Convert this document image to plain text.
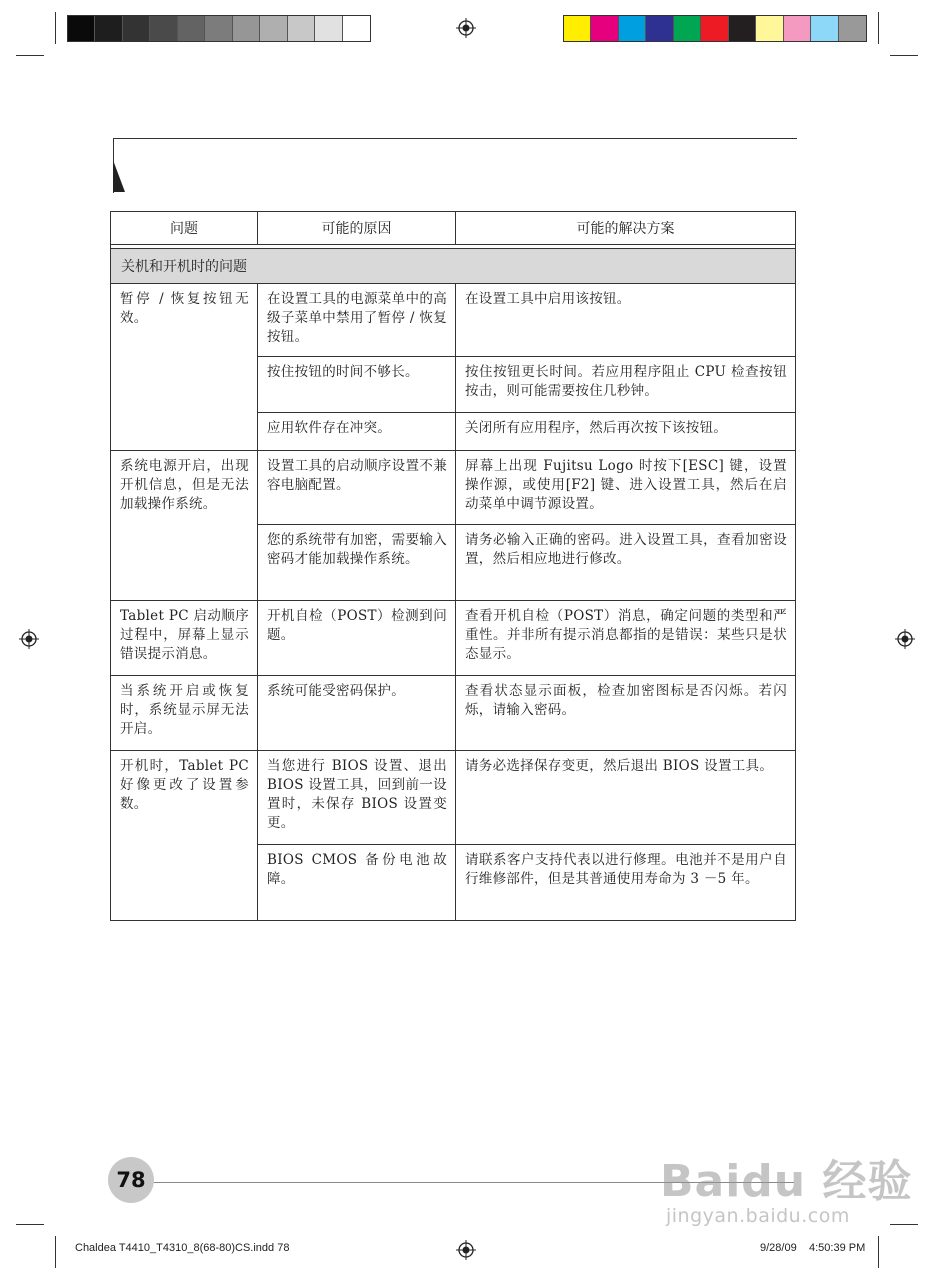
问题	可能的原因	可能的解决方案

关机和开机时的问题		
暂停 / 恢复按钮无效。	在设置工具的电源菜单中的高级子菜单中禁用了暂停 / 恢复按钮。	在设置工具中启用该按钮。
	按住按钮的时间不够长。	按住按钮更长时间。若应用程序阻止 CPU 检查按钮按击，则可能需要按住几秒钟。
	应用软件存在冲突。	关闭所有应用程序，然后再次按下该按钮。
系统电源开启，出现开机信息，但是无法加载操作系统。	设置工具的启动顺序设置不兼容电脑配置。	屏幕上出现 Fujitsu Logo 时按下[ESC] 键，设置操作源，或使用[F2] 键、进入设置工具，然后在启动菜单中调节源设置。
	您的系统带有加密，需要输入密码才能加载操作系统。	请务必输入正确的密码。进入设置工具，查看加密设置，然后相应地进行修改。
Tablet PC 启动顺序过程中，屏幕上显示错误提示消息。	开机自检（POST）检测到问题。	查看开机自检（POST）消息，确定问题的类型和严重性。并非所有提示消息都指的是错误：某些只是状态显示。
当系统开启或恢复时，系统显示屏无法开启。	系统可能受密码保护。	查看状态显示面板，检查加密图标是否闪烁。若闪烁，请输入密码。
开机时，Tablet PC 好像更改了设置参数。	当您进行 BIOS 设置、退出 BIOS 设置工具，回到前一设置时，未保存 BIOS 设置变更。	请务必选择保存变更，然后退出 BIOS 设置工具。
	BIOS CMOS 备份电池故障。	请联系客户支持代表以进行修理。电池并不是用户自行维修部件，但是其普通使用寿命为 3 －5 年。
78	Baidu 经验
jingyan.baidu.com
Chaldea T4410_T4310_8(68-80)CS.indd 78	9/28/09 4:50:39 PM
